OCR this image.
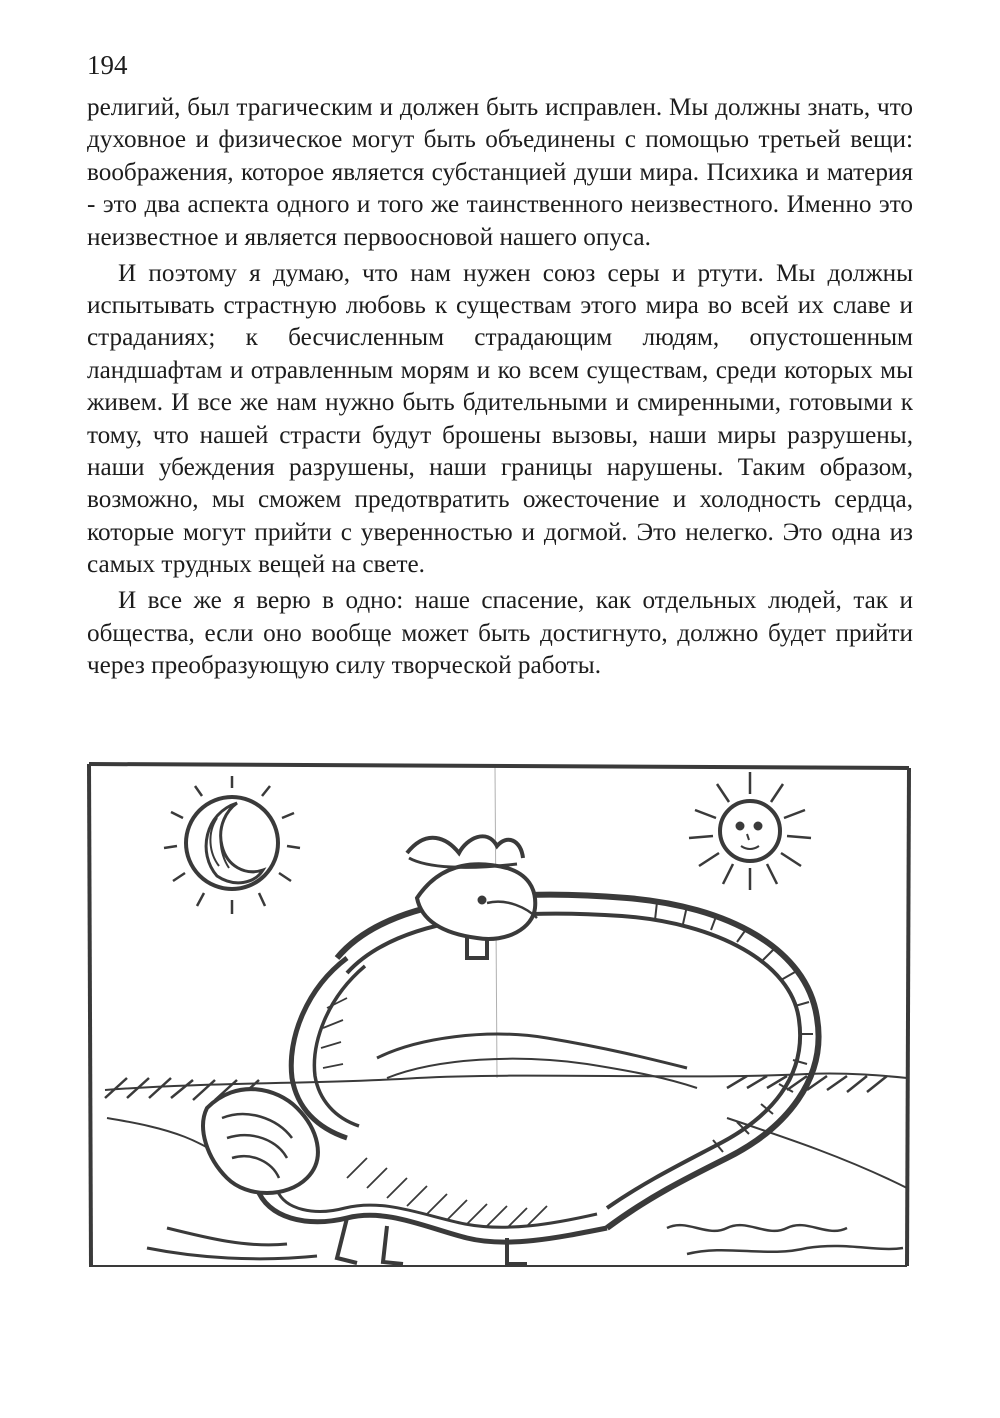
194

религий, был трагическим и должен быть исправлен. Мы должны знать, что духовное и физическое могут быть объединены с помощью третьей вещи: воображения, которое является субстанцией души мира. Психика и материя - это два аспекта одного и того же таинственного неизвестного. Именно это неизвестное и является первоосновой нашего опуса.

И поэтому я думаю, что нам нужен союз серы и ртути. Мы должны испытывать страстную любовь к существам этого мира во всей их славе и страданиях; к бесчисленным страдающим людям, опустошенным ландшафтам и отравленным морям и ко всем существам, среди которых мы живем. И все же нам нужно быть бдительными и смиренными, готовыми к тому, что нашей страсти будут брошены вызовы, наши миры разрушены, наши убеждения разрушены, наши границы нарушены. Таким образом, возможно, мы сможем предотвратить ожесточение и холодность сердца, которые могут прийти с уверенностью и догмой. Это нелегко. Это одна из самых трудных вещей на свете.

И все же я верю в одно: наше спасение, как отдельных людей, так и общества, если оно вообще может быть достигнуто, должно будет прийти через преобразующую силу творческой работы.
